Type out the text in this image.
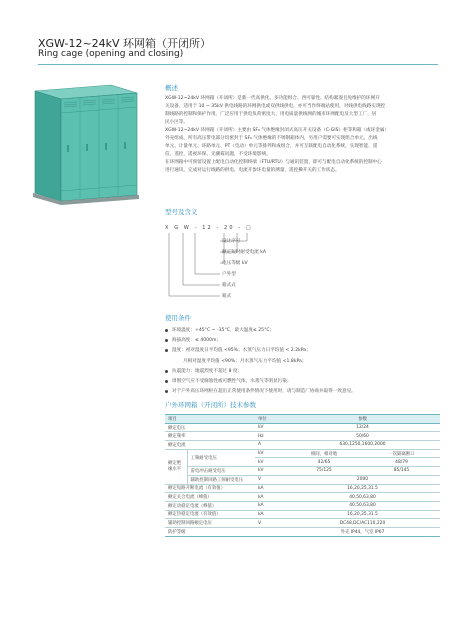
XGW-12~24kV 环网箱（开闭所）
Ring cage (opening and closing)
概述
XGW-12~24kV 环网箱（开闭所）是新一代高供化、多功能组合、西可靠性、结构紧凑且免维护的环网开
关设备，适用于 10 ~ 35kV 供电线路的环网供电或双供线供电，亦可当作终端站使用，对线供电线路实现控
制线路的控制和保护作用。广泛应用于供电负荷密度大、用电质量供线网的城市环网配电及大型工厂、居
民小区等。
XGW-12~24kV 环网箱（开闭所）主要由 SF₆ 气体绝缘封闭式高压开关设备（C-GIS）柜等和箱（或环金属）
外壳组成，所有高压带电部分均密封于 SF₆ 气体绝缘的不锈钢箱体内，另用户需要可实现组合单元、出线
单元、计量单元、环路单元、PT（电动）单元等排列和成组合，并可互联配电自动化系统，实现智能、遥
信、遥控，遥视环保、无潮霉问题，不受环境影响。
在环网箱中可预留设置上配电自动化控制终端（FTU/RTU）与通讯装置，即可与配电自动化系统的控制中心
进行通讯，完成对运行线路的供电、电流开参环电量的测量，遥控操开关的工作状态。
型号及含义
X G W - 12 - 20 - □
设计序号
额定短时耐受电流 kA
电压等级 kV
户外型
箱式式
箱式
使用条件
环境温度：+45°C ~ -35°C，最大温度≤ 25°C；
海拔高度：≤ 4000m；
湿度：初对湿度日平均值 <95%；水蒸气压力日平均值 < 2.2kPa；
月相对湿度平均值 <90%；月水蒸气压力平均值 <1.8kPa；
抗震能力：地震烈度不超过 8 度；
周围空气应不受腐蚀性或可燃性气体、水蒸气等明显污染；
对于户外高压环网柜在超出正常使用条件情况下使用时，请与制造厂协商并取得一致意见。
户外环网箱（开闭所）技术参数
项目		单位	参数	
额定电压		kV	12/24	
额定频率		Hz	50/60	
额定电流		A	630,1250,1600,2000	
额定绝缘水平	工频耐受电压	kV	相间，相对地	一次隔离断口
		kV	42/65	48/79
	雷电冲击耐受电压	kV	75/125	85/145
	辅助控制回路工频耐受电压	V	2000	
额定短路开断电流（有效值）		kA	16,20,25,31.5	
额定关合电流（峰值）		kA	40,50,63,80	
额定动稳定电流（峰值）		kA	40,50,63,80	
额定热稳定电流（有效值）		kA	16,20,25,31.5	
辅助控制回路额定电压		V	DC48,DC/AC110,220	
防护等级			外壳 IP44，气室 IP67	
